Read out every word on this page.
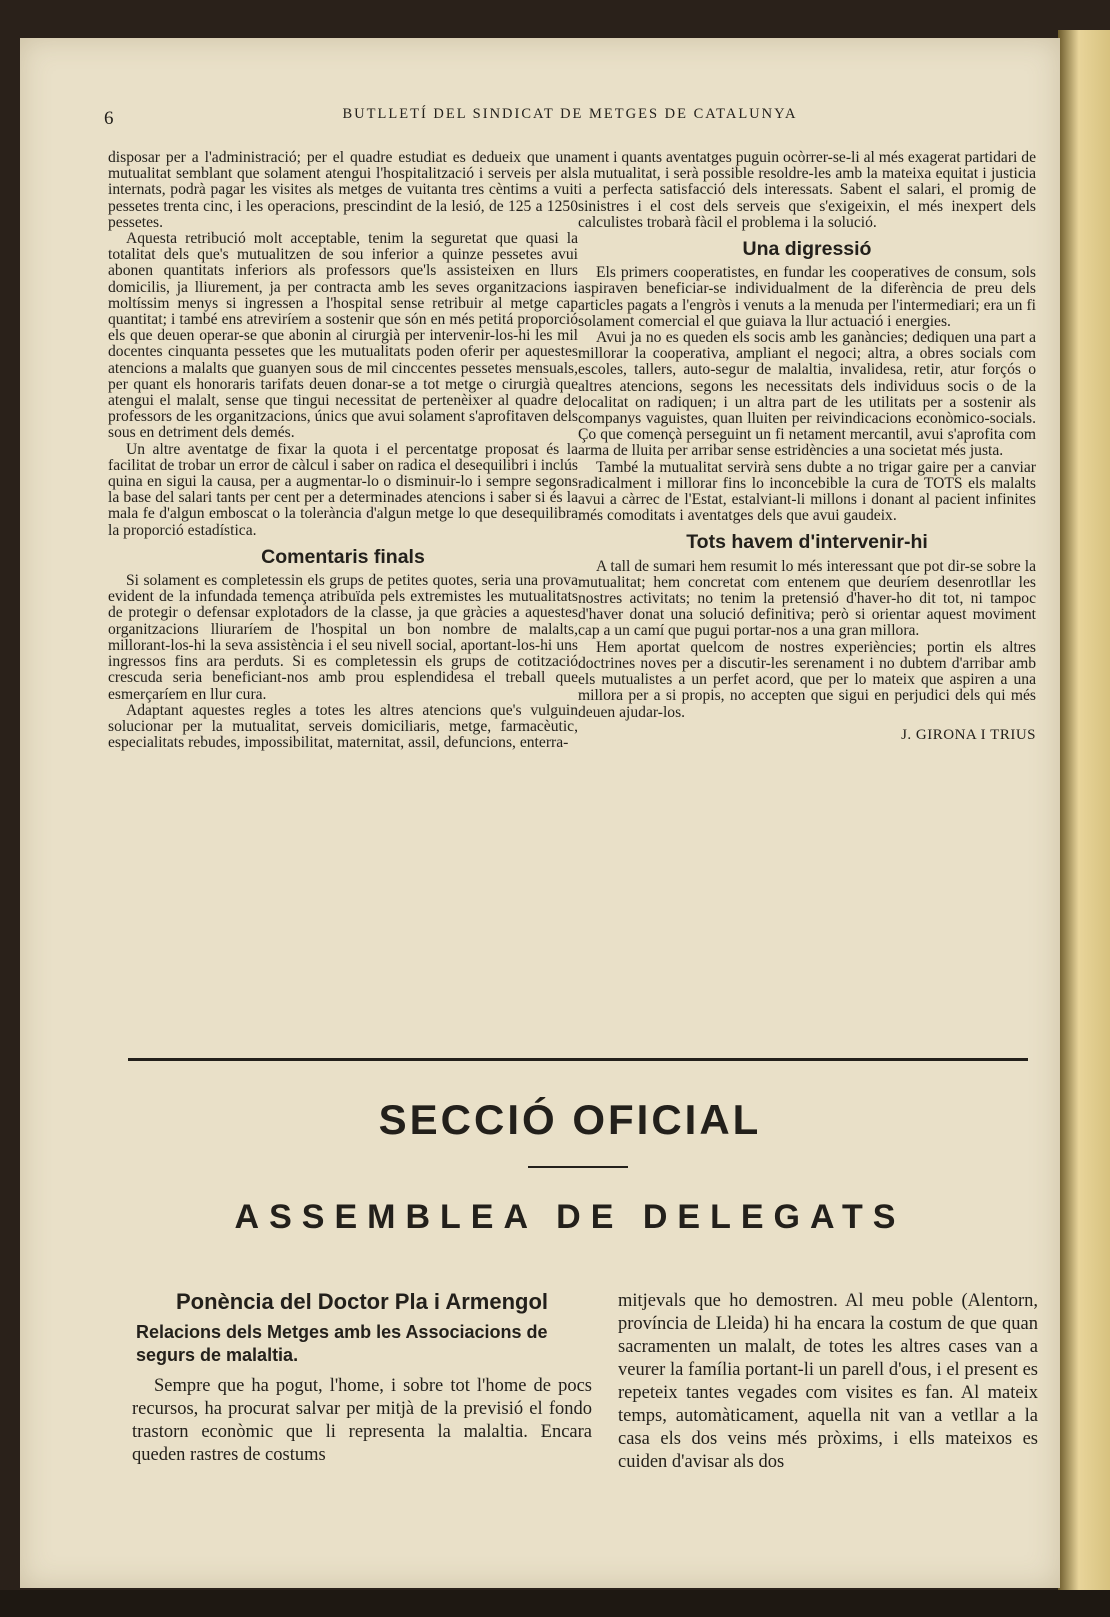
6	BUTLLETÍ DEL SINDICAT DE METGES DE CATALUNYA

disposar per a l'administració; per el quadre estudiat es dedueix que una mutualitat semblant que solament atengui l'hospitalització i serveis per als internats, podrà pagar les visites als metges de vuitanta tres cèntims a vuit pessetes trenta cinc, i les operacions, prescindint de la lesió, de 125 a 1250 pessetes.

Aquesta retribució molt acceptable, tenim la seguretat que quasi la totalitat dels que's mutualitzen de sou inferior a quinze pessetes avui abonen quantitats inferiors als professors que'ls assisteixen en llurs domicilis, ja lliurement, ja per contracta amb les seves organitzacions i moltíssim menys si ingressen a l'hospital sense retribuir al metge cap quantitat; i també ens atreviríem a sostenir que són en més petitá proporció els que deuen operar-se que abonin al cirurgià per intervenir-los-hi les mil docentes cinquanta pessetes que les mutualitats poden oferir per aquestes atencions a malalts que guanyen sous de mil cinccentes pessetes mensuals, per quant els honoraris tarifats deuen donar-se a tot metge o cirurgià que atengui el malalt, sense que tingui necessitat de pertenèixer al quadre de professors de les organitzacions, únics que avui solament s'aprofitaven dels sous en detriment dels demés.

Un altre aventatge de fixar la quota i el percentatge proposat és la facilitat de trobar un error de càlcul i saber on radica el desequilibri i inclús quina en sigui la causa, per a augmentar-lo o disminuir-lo i sempre segons la base del salari tants per cent per a determinades atencions i saber si és la mala fe d'algun emboscat o la tolerància d'algun metge lo que desequilibra la proporció estadística.

Comentaris finals

Si solament es completessin els grups de petites quotes, seria una prova evident de la infundada temença atribuïda pels extremistes les mutualitats de protegir o defensar explotadors de la classe, ja que gràcies a aquestes organitzacions lliuraríem de l'hospital un bon nombre de malalts, millorant-los-hi la seva assistència i el seu nivell social, aportant-los-hi uns ingressos fins ara perduts. Si es completessin els grups de cotització crescuda seria beneficiant-nos amb prou esplendidesa el treball que esmerçaríem en llur cura.

Adaptant aquestes regles a totes les altres atencions que's vulguin solucionar per la mutualitat, serveis domiciliaris, metge, farmacèutic, especialitats rebudes, impossibilitat, maternitat, assil, defuncions, enterra-

ment i quants aventatges puguin ocòrrer-se-li al més exagerat partidari de la mutualitat, i serà possible resoldre-les amb la mateixa equitat i justicia i a perfecta satisfacció dels interessats. Sabent el salari, el promig de sinistres i el cost dels serveis que s'exigeixin, el més inexpert dels calculistes trobarà fàcil el problema i la solució.

Una digressió

Els primers cooperatistes, en fundar les cooperatives de consum, sols aspiraven beneficiar-se individualment de la diferència de preu dels articles pagats a l'engròs i venuts a la menuda per l'intermediari; era un fi solament comercial el que guiava la llur actuació i energies.

Avui ja no es queden els socis amb les ganàncies; dediquen una part a millorar la cooperativa, ampliant el negoci; altra, a obres socials com escoles, tallers, auto-segur de malaltia, invalidesa, retir, atur forçós o altres atencions, segons les necessitats dels individuus socis o de la localitat on radiquen; i un altra part de les utilitats per a sostenir als companys vaguistes, quan lluiten per reivindicacions econòmico-socials. Ço que començà perseguint un fi netament mercantil, avui s'aprofita com arma de lluita per arribar sense estridències a una societat més justa.

També la mutualitat servirà sens dubte a no trigar gaire per a canviar radicalment i millorar fins lo inconcebible la cura de TOTS els malalts avui a càrrec de l'Estat, estalviant-li millons i donant al pacient infinites més comoditats i aventatges dels que avui gaudeix.

Tots havem d'intervenir-hi

A tall de sumari hem resumit lo més interessant que pot dir-se sobre la mutualitat; hem concretat com entenem que deuríem desenrotllar les nostres activitats; no tenim la pretensió d'haver-ho dit tot, ni tampoc d'haver donat una solució definitiva; però si orientar aquest moviment cap a un camí que pugui portar-nos a una gran millora.

Hem aportat quelcom de nostres experiències; portin els altres doctrines noves per a discutir-les serenament i no dubtem d'arribar amb els mutualistes a un perfet acord, que per lo mateix que aspiren a una millora per a si propis, no accepten que sigui en perjudici dels qui més deuen ajudar-los.

J. GIRONA I TRIUS
SECCIÓ OFICIAL
ASSEMBLEA DE DELEGATS
Ponència del Doctor Pla i Armengol
Relacions dels Metges amb les Associacions de segurs de malaltia.

Sempre que ha pogut, l'home, i sobre tot l'home de pocs recursos, ha procurat salvar per mitjà de la previsió el fondo trastorn econòmic que li representa la malaltia. Encara queden rastres de costums

mitjevals que ho demostren. Al meu poble (Alentorn, província de Lleida) hi ha encara la costum de que quan sacramenten un malalt, de totes les altres cases van a veurer la família portant-li un parell d'ous, i el present es repeteix tantes vegades com visites es fan. Al mateix temps, automàticament, aquella nit van a vetllar a la casa els dos veins més pròxims, i ells mateixos es cuiden d'avisar als dos
